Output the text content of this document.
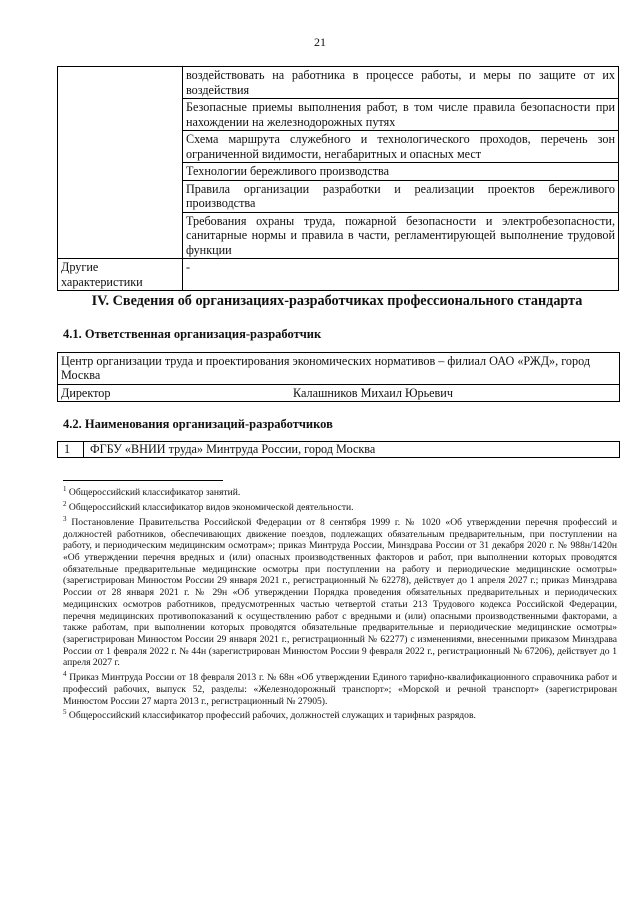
21
	воздействовать на работника в процессе работы, и меры по защите от их воздействия
	Безопасные приемы выполнения работ, в том числе правила безопасности при нахождении на железнодорожных путях
	Схема маршрута служебного и технологического проходов, перечень зон ограниченной видимости, негабаритных и опасных мест
	Технологии бережливого производства
	Правила организации разработки и реализации проектов бережливого производства
	Требования охраны труда, пожарной безопасности и электробезопасности, санитарные нормы и правила в части, регламентирующей выполнение трудовой функции
Другие характеристики	-
IV. Сведения об организациях-разработчиках профессионального стандарта
4.1. Ответственная организация-разработчик
Центр организации труда и проектирования экономических нормативов – филиал ОАО «РЖД», город Москва
Директор	Калашников Михаил Юрьевич
4.2. Наименования организаций-разработчиков
1	ФГБУ «ВНИИ труда» Минтруда России, город Москва

$^1$ Общероссийский классификатор занятий.

$^2$ Общероссийский классификатор видов экономической деятельности.

$^3$ Постановление Правительства Российской Федерации от 8 сентября 1999 г. № 1020 «Об утверждении перечня профессий и должностей работников, обеспечивающих движение поездов, подлежащих обязательным предварительным, при поступлении на работу, и периодическим медицинским осмотрам»; приказ Минтруда России, Минздрава России от 31 декабря 2020 г. № 988н/1420н «Об утверждении перечня вредных и (или) опасных производственных факторов и работ, при выполнении которых проводятся обязательные предварительные медицинские осмотры при поступлении на работу и периодические медицинские осмотры» (зарегистрирован Минюстом России 29 января 2021 г., регистрационный № 62278), действует до 1 апреля 2027 г.; приказ Минздрава России от 28 января 2021 г. № 29н «Об утверждении Порядка проведения обязательных предварительных и периодических медицинских осмотров работников, предусмотренных частью четвертой статьи 213 Трудового кодекса Российской Федерации, перечня медицинских противопоказаний к осуществлению работ с вредными и (или) опасными производственными факторами, а также работам, при выполнении которых проводятся обязательные предварительные и периодические медицинские осмотры» (зарегистрирован Минюстом России 29 января 2021 г., регистрационный № 62277) с изменениями, внесенными приказом Минздрава России от 1 февраля 2022 г. № 44н (зарегистрирован Минюстом России 9 февраля 2022 г., регистрационный № 67206), действует до 1 апреля 2027 г.

$^4$ Приказ Минтруда России от 18 февраля 2013 г. № 68н «Об утверждении Единого тарифно-квалификационного справочника работ и профессий рабочих, выпуск 52, разделы: «Железнодорожный транспорт»; «Морской и речной транспорт» (зарегистрирован Минюстом России 27 марта 2013 г., регистрационный № 27905).

$^5$ Общероссийский классификатор профессий рабочих, должностей служащих и тарифных разрядов.
